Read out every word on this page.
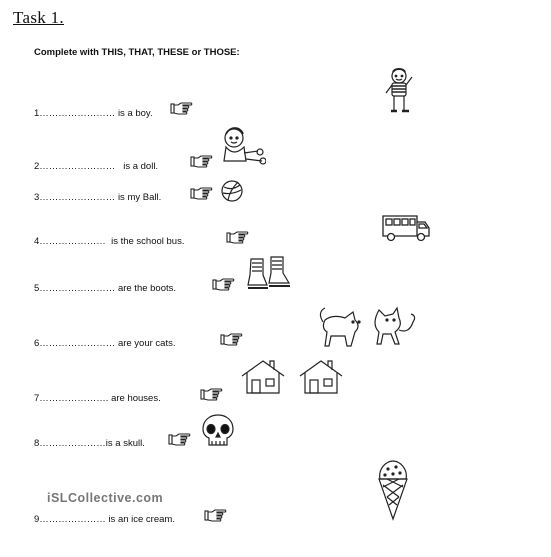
Task 1.
Complete with THIS, THAT, THESE or THOSE:
1…………………… is a boy.
2…………………… is a doll.
3…………………… is my Ball.
4………………… is the school bus.
5…………………… are the boots.
6…………………… are your cats.
7…………………. are houses.
8…………………is a skull.
9………………… is an ice cream.
iSLCollective.com
